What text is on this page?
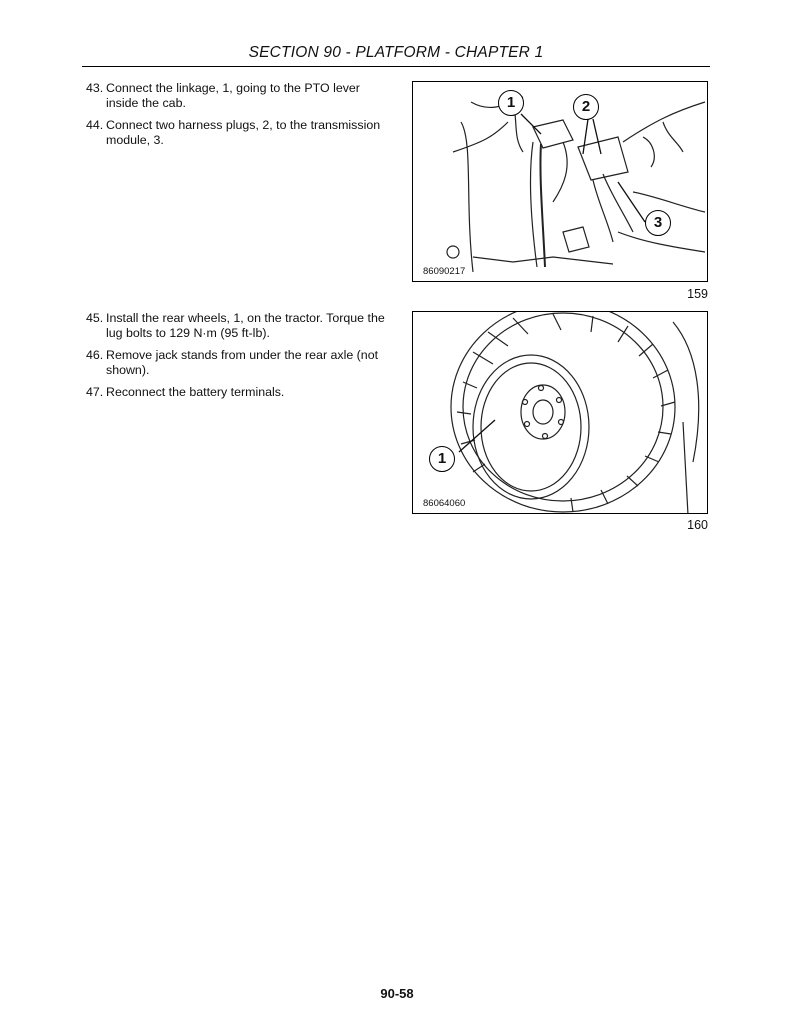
SECTION 90 - PLATFORM - CHAPTER 1
43. Connect the linkage, 1, going to the PTO lever inside the cab.
44. Connect two harness plugs, 2, to the transmission module, 3.
1	2
3
86090217
159
45. Install the rear wheels, 1, on the tractor. Torque the lug bolts to 129 N·m (95 ft-lb).
46. Remove jack stands from under the rear axle (not shown).
47. Reconnect the battery terminals.
1
86064060
160
90-58
